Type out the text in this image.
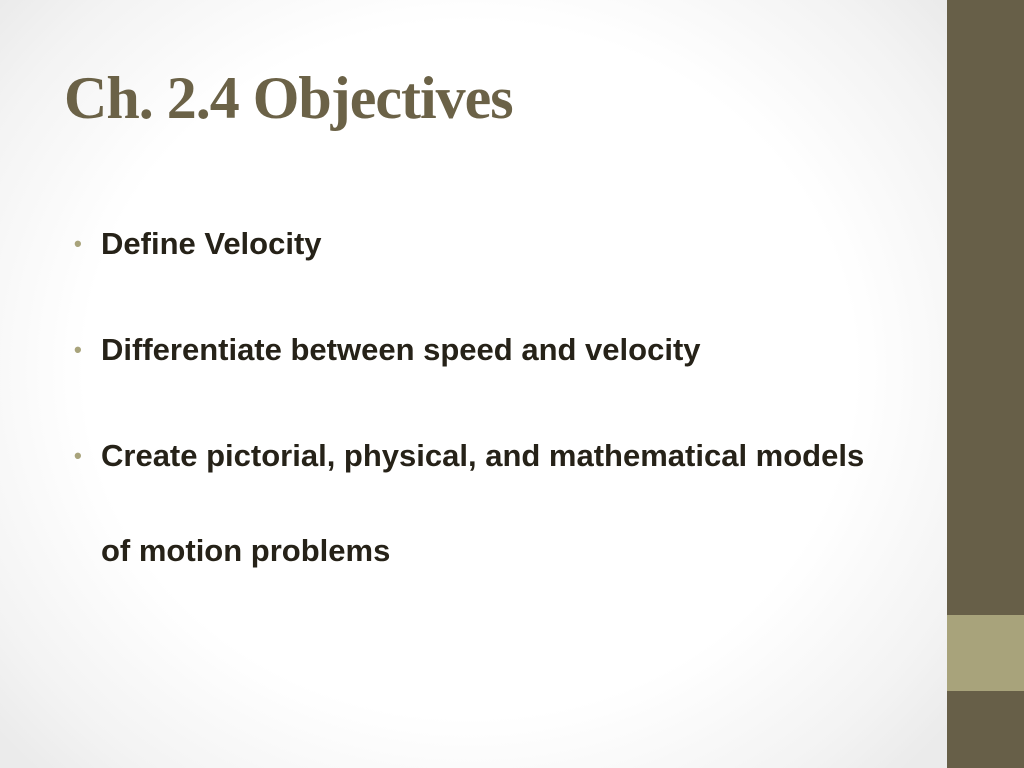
Ch. 2.4 Objectives
• Define Velocity
• Differentiate between speed and velocity
• Create pictorial, physical, and mathematical models of motion problems
